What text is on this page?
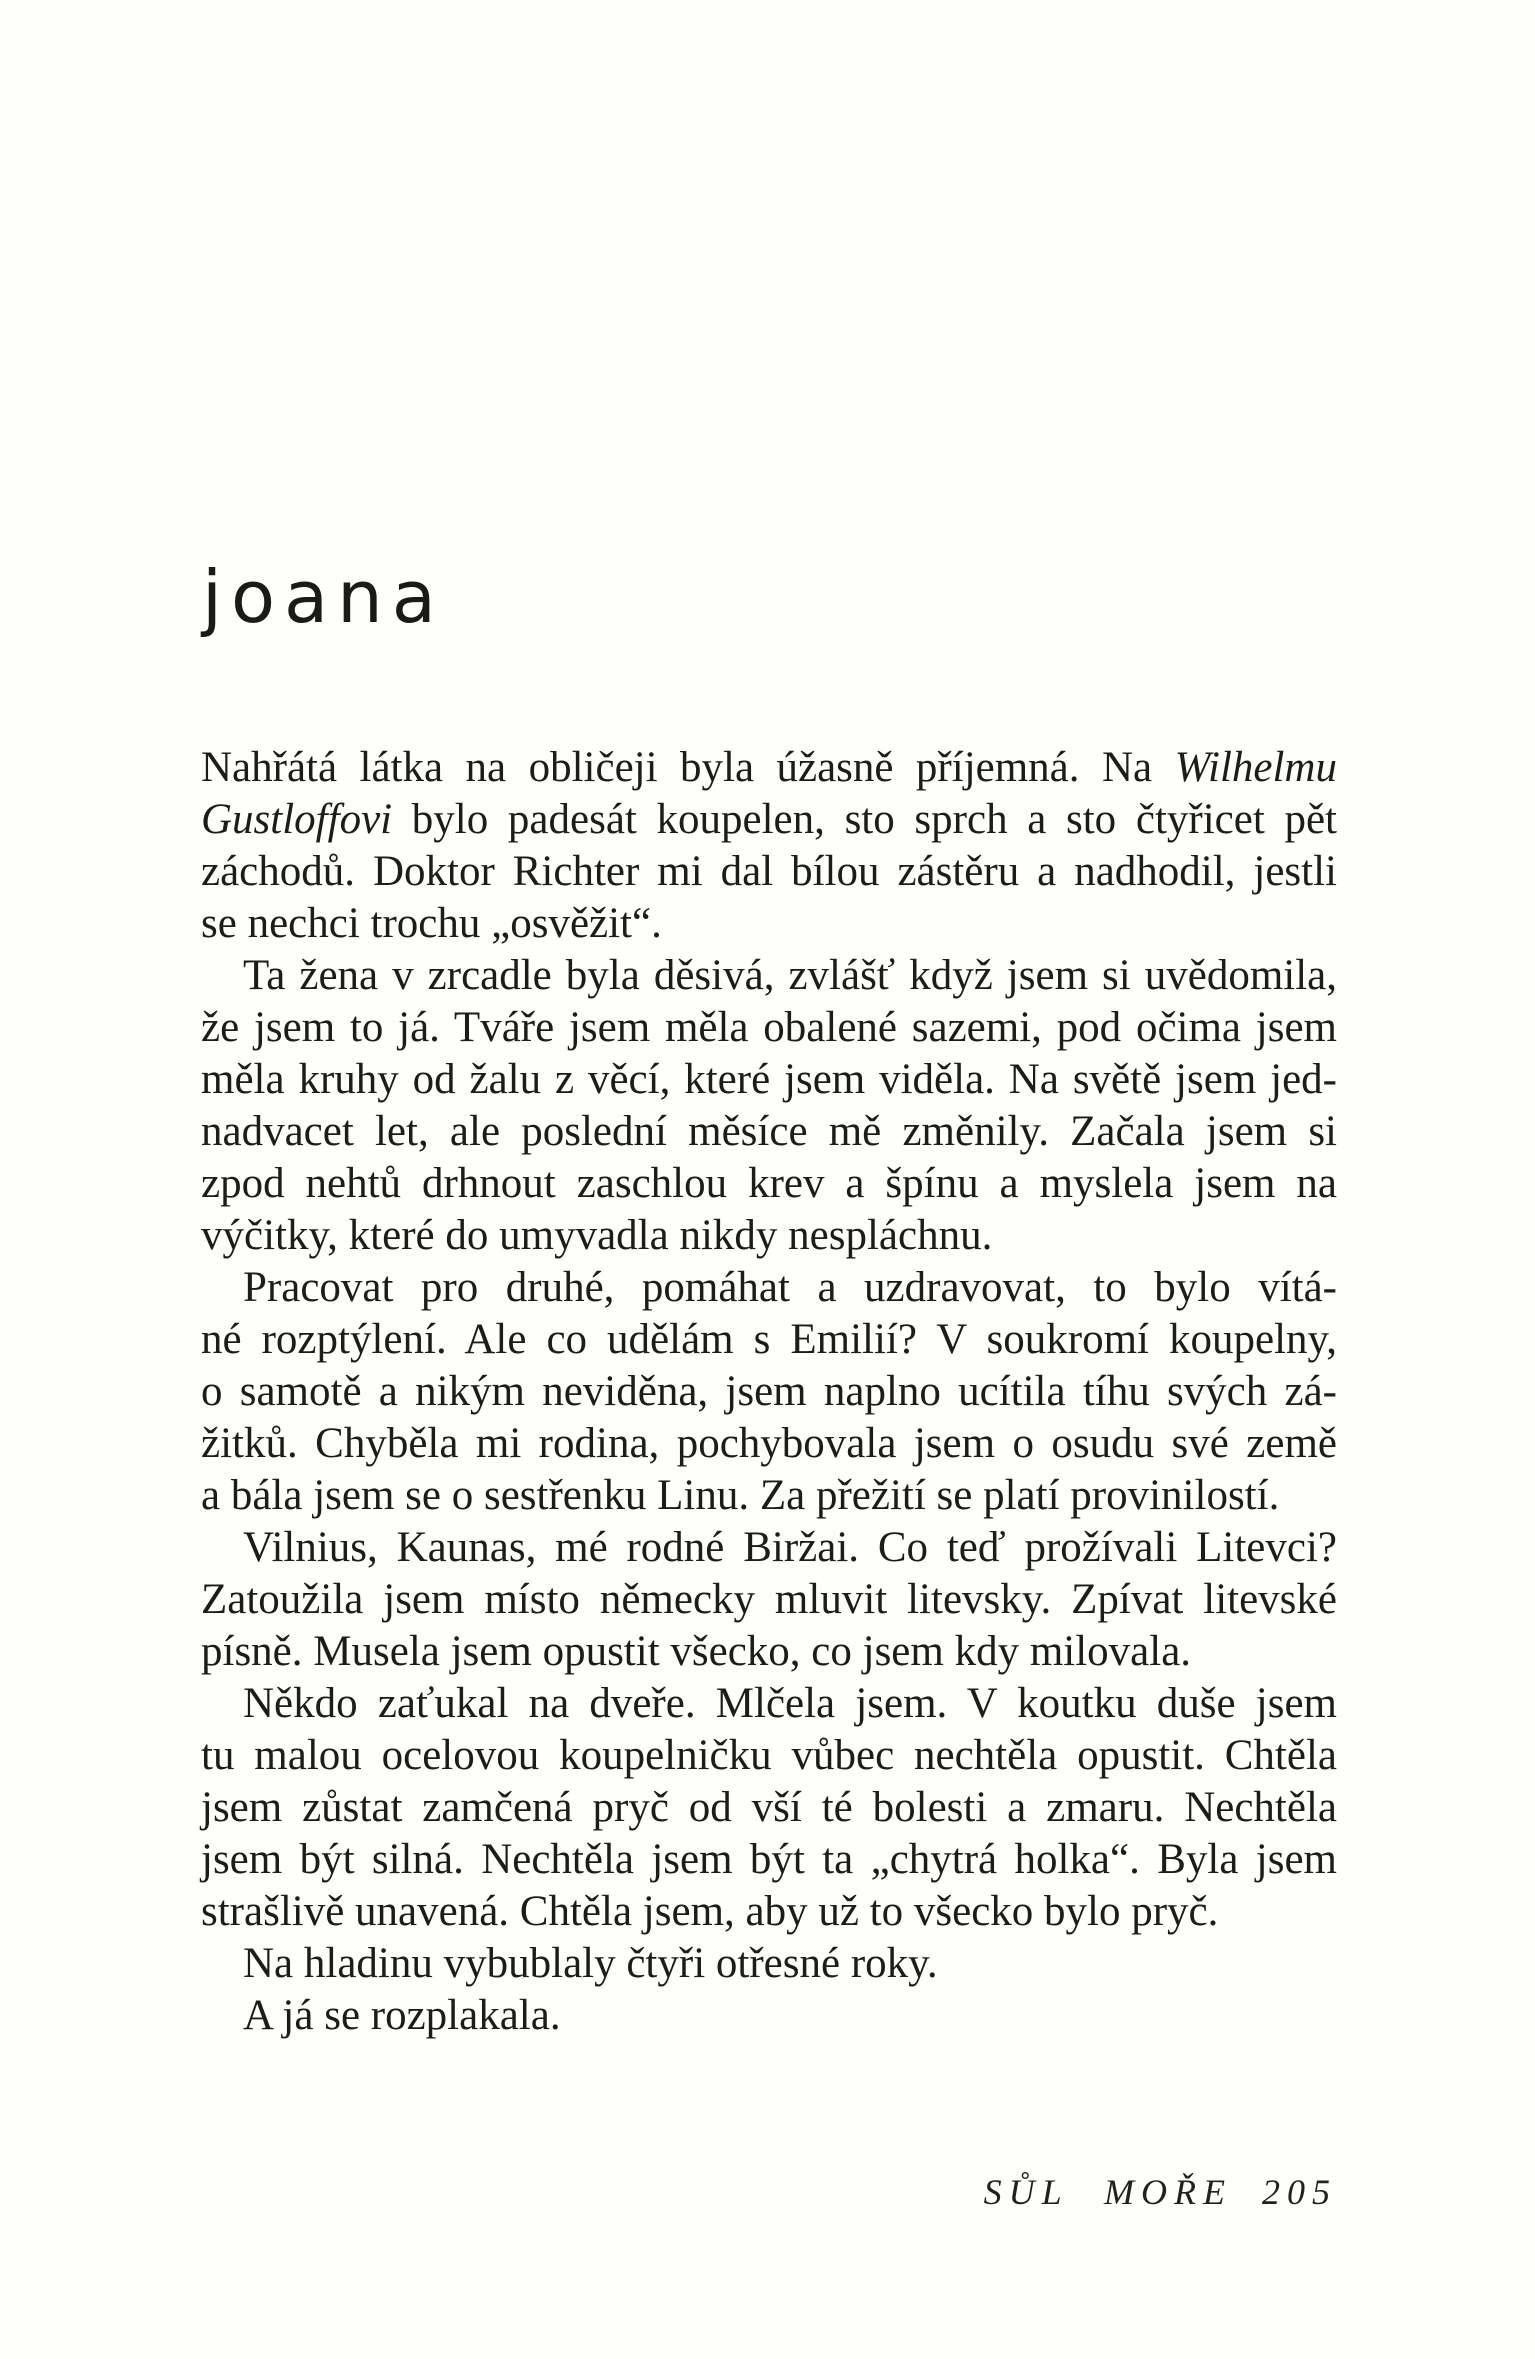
joana
Nahřátá látka na obličeji byla úžasně příjemná. Na Wilhelmu
Gustloffovi bylo padesát koupelen, sto sprch a sto čtyřicet pět
záchodů. Doktor Richter mi dal bílou zástěru a nadhodil, jestli
se nechci trochu „osvěžit“.
Ta žena v zrcadle byla děsivá, zvlášť když jsem si uvědomila,
že jsem to já. Tváře jsem měla obalené sazemi, pod očima jsem
měla kruhy od žalu z věcí, které jsem viděla. Na světě jsem jed-
nadvacet let, ale poslední měsíce mě změnily. Začala jsem si
zpod nehtů drhnout zaschlou krev a špínu a myslela jsem na
výčitky, které do umyvadla nikdy nespláchnu.
Pracovat pro druhé, pomáhat a uzdravovat, to bylo vítá-
né rozptýlení. Ale co udělám s Emilií? V soukromí koupelny,
o samotě a nikým neviděna, jsem naplno ucítila tíhu svých zá-
žitků. Chyběla mi rodina, pochybovala jsem o osudu své země
a bála jsem se o sestřenku Linu. Za přežití se platí provinilostí.
Vilnius, Kaunas, mé rodné Biržai. Co teď prožívali Litevci?
Zatoužila jsem místo německy mluvit litevsky. Zpívat litevské
písně. Musela jsem opustit všecko, co jsem kdy milovala.
Někdo zaťukal na dveře. Mlčela jsem. V koutku duše jsem
tu malou ocelovou koupelničku vůbec nechtěla opustit. Chtěla
jsem zůstat zamčená pryč od vší té bolesti a zmaru. Nechtěla
jsem být silná. Nechtěla jsem být ta „chytrá holka“. Byla jsem
strašlivě unavená. Chtěla jsem, aby už to všecko bylo pryč.
Na hladinu vybublaly čtyři otřesné roky.
A já se rozplakala.
SŮL MOŘE 205
